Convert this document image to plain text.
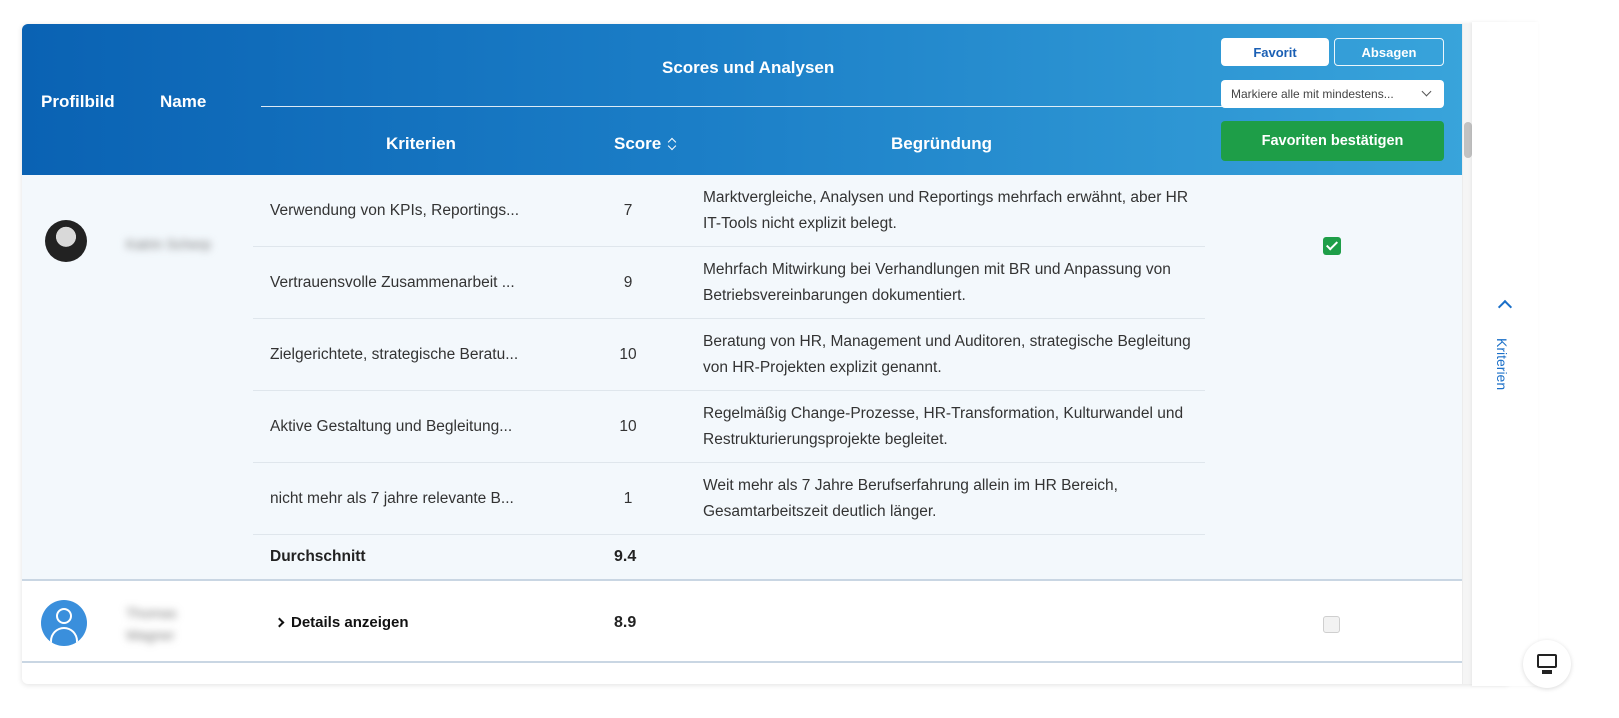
Profilbild	Name
Scores und Analysen
Kriterien	Score	Begründung
Favorit	Absagen
Markiere alle mit mindestens...
Favoriten bestätigen
Katrin Scherp
Verwendung von KPIs, Reportings...	7
Marktvergleiche, Analysen und Reportings mehrfach erwähnt, aber HR IT-Tools nicht explizit belegt.
Vertrauensvolle Zusammenarbeit ...	9
Mehrfach Mitwirkung bei Verhandlungen mit BR und Anpassung von Betriebsvereinbarungen dokumentiert.
Zielgerichtete, strategische Beratu...	10
Beratung von HR, Management und Auditoren, strategische Begleitung von HR-Projekten explizit genannt.
Aktive Gestaltung und Begleitung...	10
Regelmäßig Change-Prozesse, HR-Transformation, Kulturwandel und Restrukturierungsprojekte begleitet.
nicht mehr als 7 jahre relevante B...	1
Weit mehr als 7 Jahre Berufserfahrung allein im HR Bereich, Gesamtarbeitszeit deutlich länger.
Durchschnitt	9.4
Thomas Wagner
Details anzeigen	8.9
Kriterien
